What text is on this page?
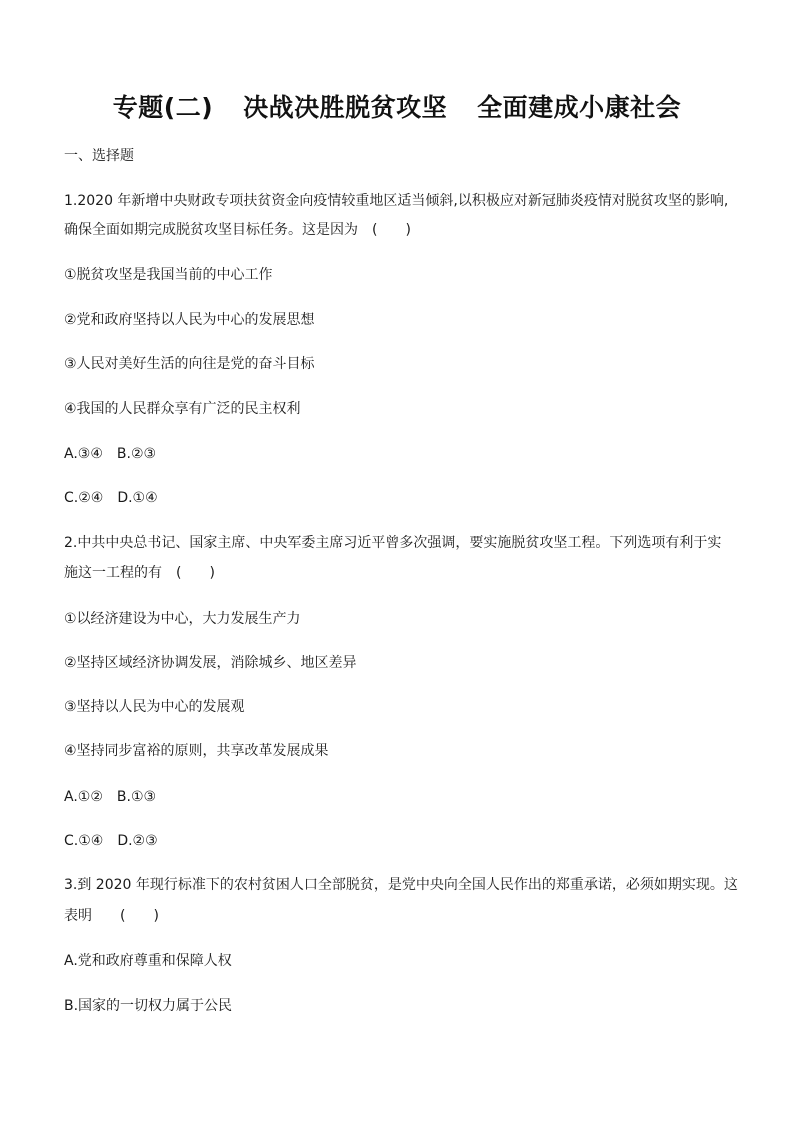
专题(二) 决战决胜脱贫攻坚 全面建成小康社会
一、选择题
1.2020 年新增中央财政专项扶贫资金向疫情较重地区适当倾斜,以积极应对新冠肺炎疫情对脱贫攻坚的影响,
确保全面如期完成脱贫攻坚目标任务。这是因为　(　　)
①脱贫攻坚是我国当前的中心工作
②党和政府坚持以人民为中心的发展思想
③人民对美好生活的向往是党的奋斗目标
④我国的人民群众享有广泛的民主权利
A.③④ B.②③
C.②④ D.①④
2.中共中央总书记、国家主席、中央军委主席习近平曾多次强调，要实施脱贫攻坚工程。下列选项有利于实
施这一工程的有　(　　)
①以经济建设为中心，大力发展生产力
②坚持区域经济协调发展，消除城乡、地区差异
③坚持以人民为中心的发展观
④坚持同步富裕的原则，共享改革发展成果
A.①② B.①③
C.①④ D.②③
3.到 2020 年现行标准下的农村贫困人口全部脱贫，是党中央向全国人民作出的郑重承诺，必须如期实现。这
表明　　(　　)
A.党和政府尊重和保障人权
B.国家的一切权力属于公民
